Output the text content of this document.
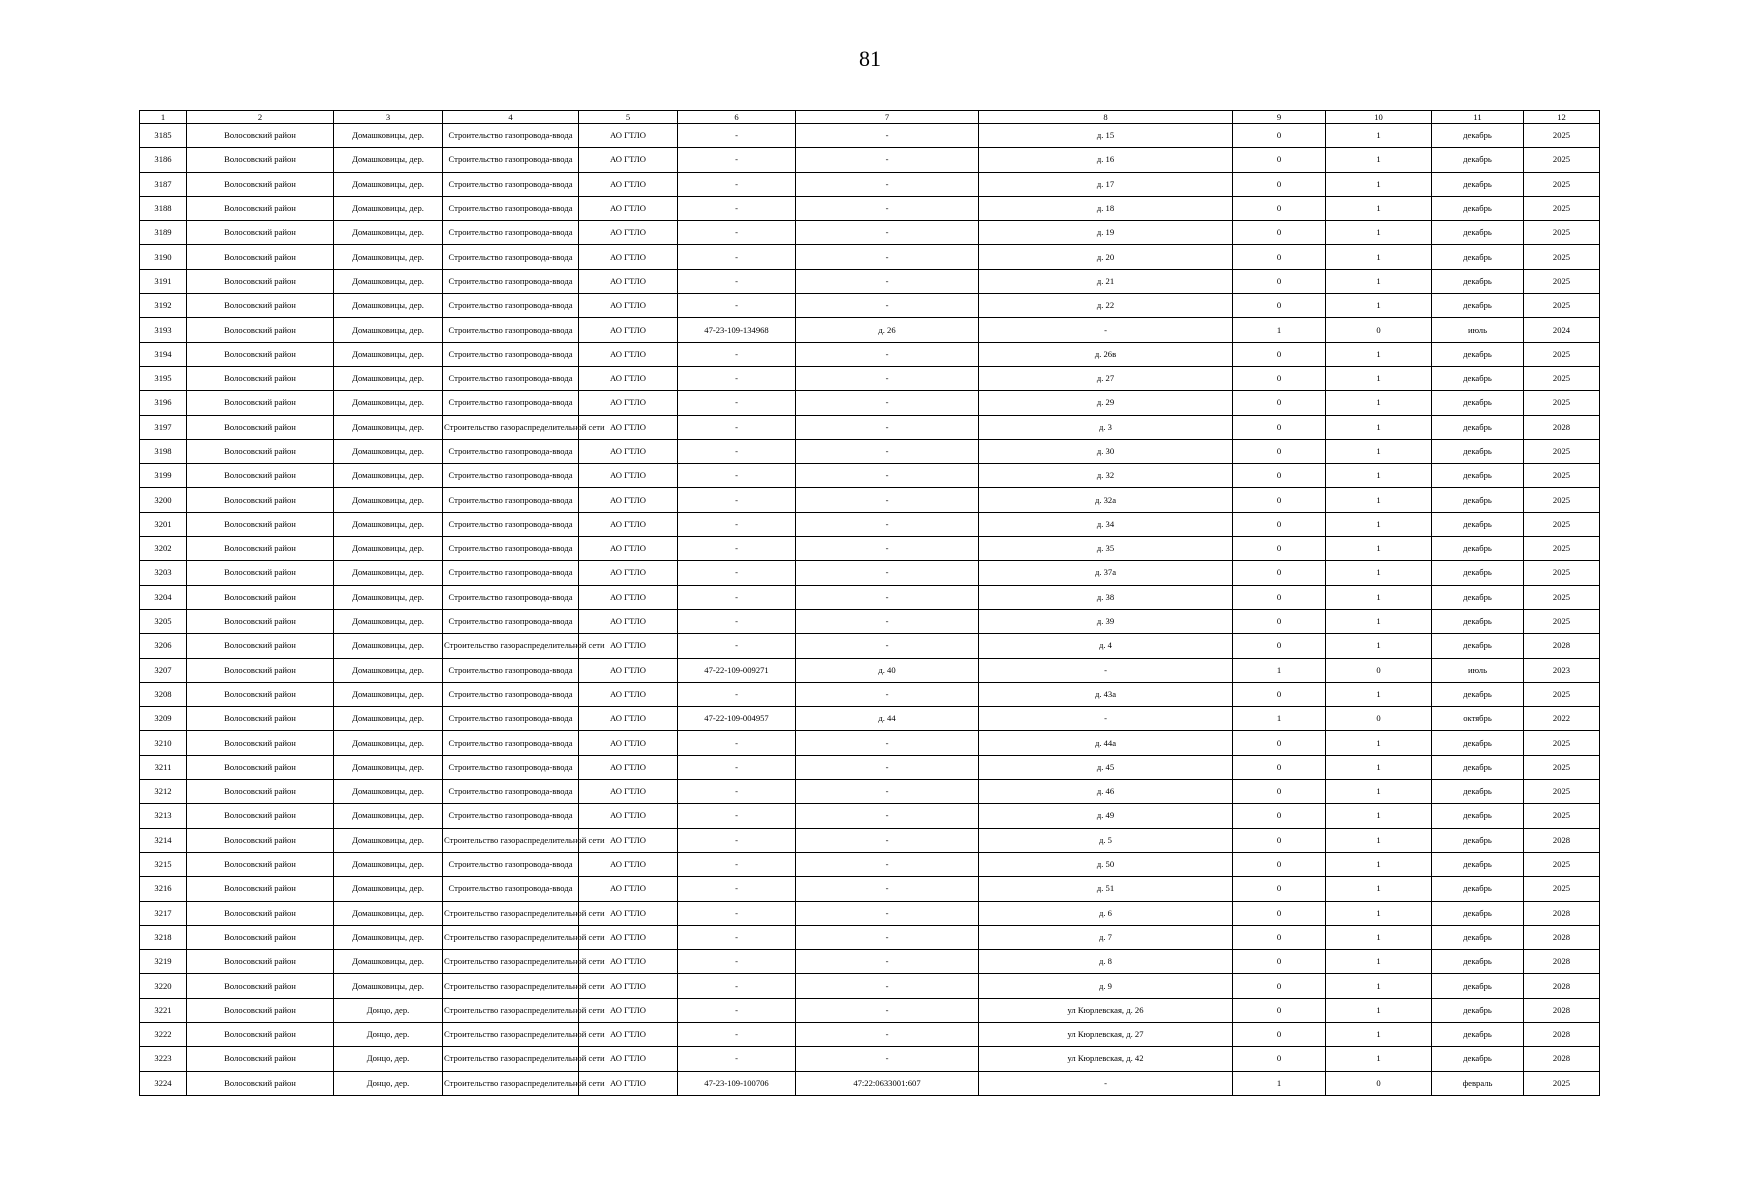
81
1	2	3	4	5	6	7	8	9	10	11	12
3185	Волосовский район	Домашковицы, дер.	Строительство газопровода-ввода	АО ГТЛО	-	-	д. 15	0	1	декабрь	2025
3186	Волосовский район	Домашковицы, дер.	Строительство газопровода-ввода	АО ГТЛО	-	-	д. 16	0	1	декабрь	2025
3187	Волосовский район	Домашковицы, дер.	Строительство газопровода-ввода	АО ГТЛО	-	-	д. 17	0	1	декабрь	2025
3188	Волосовский район	Домашковицы, дер.	Строительство газопровода-ввода	АО ГТЛО	-	-	д. 18	0	1	декабрь	2025
3189	Волосовский район	Домашковицы, дер.	Строительство газопровода-ввода	АО ГТЛО	-	-	д. 19	0	1	декабрь	2025
3190	Волосовский район	Домашковицы, дер.	Строительство газопровода-ввода	АО ГТЛО	-	-	д. 20	0	1	декабрь	2025
3191	Волосовский район	Домашковицы, дер.	Строительство газопровода-ввода	АО ГТЛО	-	-	д. 21	0	1	декабрь	2025
3192	Волосовский район	Домашковицы, дер.	Строительство газопровода-ввода	АО ГТЛО	-	-	д. 22	0	1	декабрь	2025
3193	Волосовский район	Домашковицы, дер.	Строительство газопровода-ввода	АО ГТЛО	47-23-109-134968	д. 26	-	1	0	июль	2024
3194	Волосовский район	Домашковицы, дер.	Строительство газопровода-ввода	АО ГТЛО	-	-	д. 26в	0	1	декабрь	2025
3195	Волосовский район	Домашковицы, дер.	Строительство газопровода-ввода	АО ГТЛО	-	-	д. 27	0	1	декабрь	2025
3196	Волосовский район	Домашковицы, дер.	Строительство газопровода-ввода	АО ГТЛО	-	-	д. 29	0	1	декабрь	2025
3197	Волосовский район	Домашковицы, дер.	Строительство газораспределительной сети	АО ГТЛО	-	-	д. 3	0	1	декабрь	2028
3198	Волосовский район	Домашковицы, дер.	Строительство газопровода-ввода	АО ГТЛО	-	-	д. 30	0	1	декабрь	2025
3199	Волосовский район	Домашковицы, дер.	Строительство газопровода-ввода	АО ГТЛО	-	-	д. 32	0	1	декабрь	2025
3200	Волосовский район	Домашковицы, дер.	Строительство газопровода-ввода	АО ГТЛО	-	-	д. 32а	0	1	декабрь	2025
3201	Волосовский район	Домашковицы, дер.	Строительство газопровода-ввода	АО ГТЛО	-	-	д. 34	0	1	декабрь	2025
3202	Волосовский район	Домашковицы, дер.	Строительство газопровода-ввода	АО ГТЛО	-	-	д. 35	0	1	декабрь	2025
3203	Волосовский район	Домашковицы, дер.	Строительство газопровода-ввода	АО ГТЛО	-	-	д. 37а	0	1	декабрь	2025
3204	Волосовский район	Домашковицы, дер.	Строительство газопровода-ввода	АО ГТЛО	-	-	д. 38	0	1	декабрь	2025
3205	Волосовский район	Домашковицы, дер.	Строительство газопровода-ввода	АО ГТЛО	-	-	д. 39	0	1	декабрь	2025
3206	Волосовский район	Домашковицы, дер.	Строительство газораспределительной сети	АО ГТЛО	-	-	д. 4	0	1	декабрь	2028
3207	Волосовский район	Домашковицы, дер.	Строительство газопровода-ввода	АО ГТЛО	47-22-109-009271	д. 40	-	1	0	июль	2023
3208	Волосовский район	Домашковицы, дер.	Строительство газопровода-ввода	АО ГТЛО	-	-	д. 43а	0	1	декабрь	2025
3209	Волосовский район	Домашковицы, дер.	Строительство газопровода-ввода	АО ГТЛО	47-22-109-004957	д. 44	-	1	0	октябрь	2022
3210	Волосовский район	Домашковицы, дер.	Строительство газопровода-ввода	АО ГТЛО	-	-	д. 44а	0	1	декабрь	2025
3211	Волосовский район	Домашковицы, дер.	Строительство газопровода-ввода	АО ГТЛО	-	-	д. 45	0	1	декабрь	2025
3212	Волосовский район	Домашковицы, дер.	Строительство газопровода-ввода	АО ГТЛО	-	-	д. 46	0	1	декабрь	2025
3213	Волосовский район	Домашковицы, дер.	Строительство газопровода-ввода	АО ГТЛО	-	-	д. 49	0	1	декабрь	2025
3214	Волосовский район	Домашковицы, дер.	Строительство газораспределительной сети	АО ГТЛО	-	-	д. 5	0	1	декабрь	2028
3215	Волосовский район	Домашковицы, дер.	Строительство газопровода-ввода	АО ГТЛО	-	-	д. 50	0	1	декабрь	2025
3216	Волосовский район	Домашковицы, дер.	Строительство газопровода-ввода	АО ГТЛО	-	-	д. 51	0	1	декабрь	2025
3217	Волосовский район	Домашковицы, дер.	Строительство газораспределительной сети	АО ГТЛО	-	-	д. 6	0	1	декабрь	2028
3218	Волосовский район	Домашковицы, дер.	Строительство газораспределительной сети	АО ГТЛО	-	-	д. 7	0	1	декабрь	2028
3219	Волосовский район	Домашковицы, дер.	Строительство газораспределительной сети	АО ГТЛО	-	-	д. 8	0	1	декабрь	2028
3220	Волосовский район	Домашковицы, дер.	Строительство газораспределительной сети	АО ГТЛО	-	-	д. 9	0	1	декабрь	2028
3221	Волосовский район	Донцо, дер.	Строительство газораспределительной сети	АО ГТЛО	-	-	ул Кюрлевская, д. 26	0	1	декабрь	2028
3222	Волосовский район	Донцо, дер.	Строительство газораспределительной сети	АО ГТЛО	-	-	ул Кюрлевская, д. 27	0	1	декабрь	2028
3223	Волосовский район	Донцо, дер.	Строительство газораспределительной сети	АО ГТЛО	-	-	ул Кюрлевская, д. 42	0	1	декабрь	2028
3224	Волосовский район	Донцо, дер.	Строительство газораспределительной сети	АО ГТЛО	47-23-109-100706	47:22:0633001:607	-	1	0	февраль	2025
